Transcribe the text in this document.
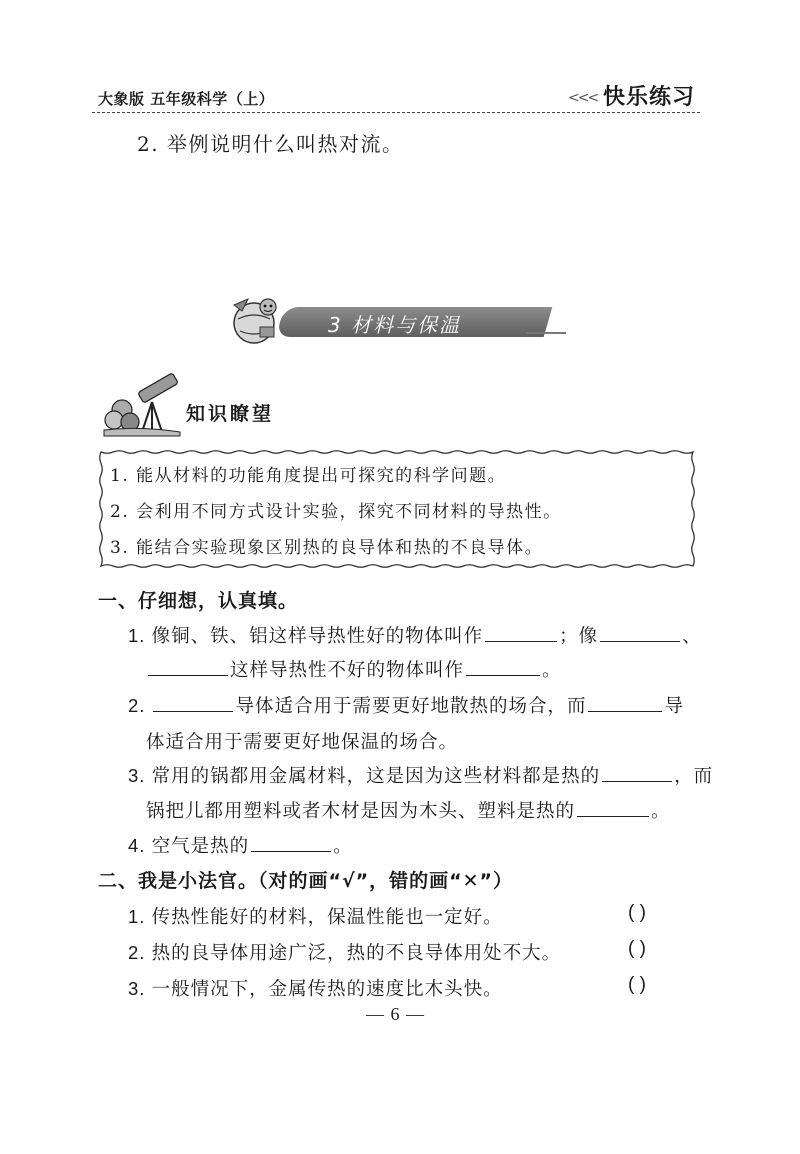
大象版 五年级科学（上）	<<< 快乐练习
2. 举例说明什么叫热对流。
3 材料与保温
知识瞭望
1. 能从材料的功能角度提出可探究的科学问题。
2. 会利用不同方式设计实验，探究不同材料的导热性。
3. 能结合实验现象区别热的良导体和热的不良导体。
一、仔细想，认真填。
1. 像铜、铁、铝这样导热性好的物体叫作	；像	、
这样导热性不好的物体叫作	。
2.	导体适合用于需要更好地散热的场合，而	导
体适合用于需要更好地保温的场合。
3. 常用的锅都用金属材料，这是因为这些材料都是热的	，而
锅把儿都用塑料或者木材是因为木头、塑料是热的	。
4. 空气是热的	。
二、我是小法官。（对的画“√”，错的画“✕”）
1. 传热性能好的材料，保温性能也一定好。	( )
2. 热的良导体用途广泛，热的不良导体用处不大。	( )
3. 一般情况下，金属传热的速度比木头快。	( )
— 6 —
